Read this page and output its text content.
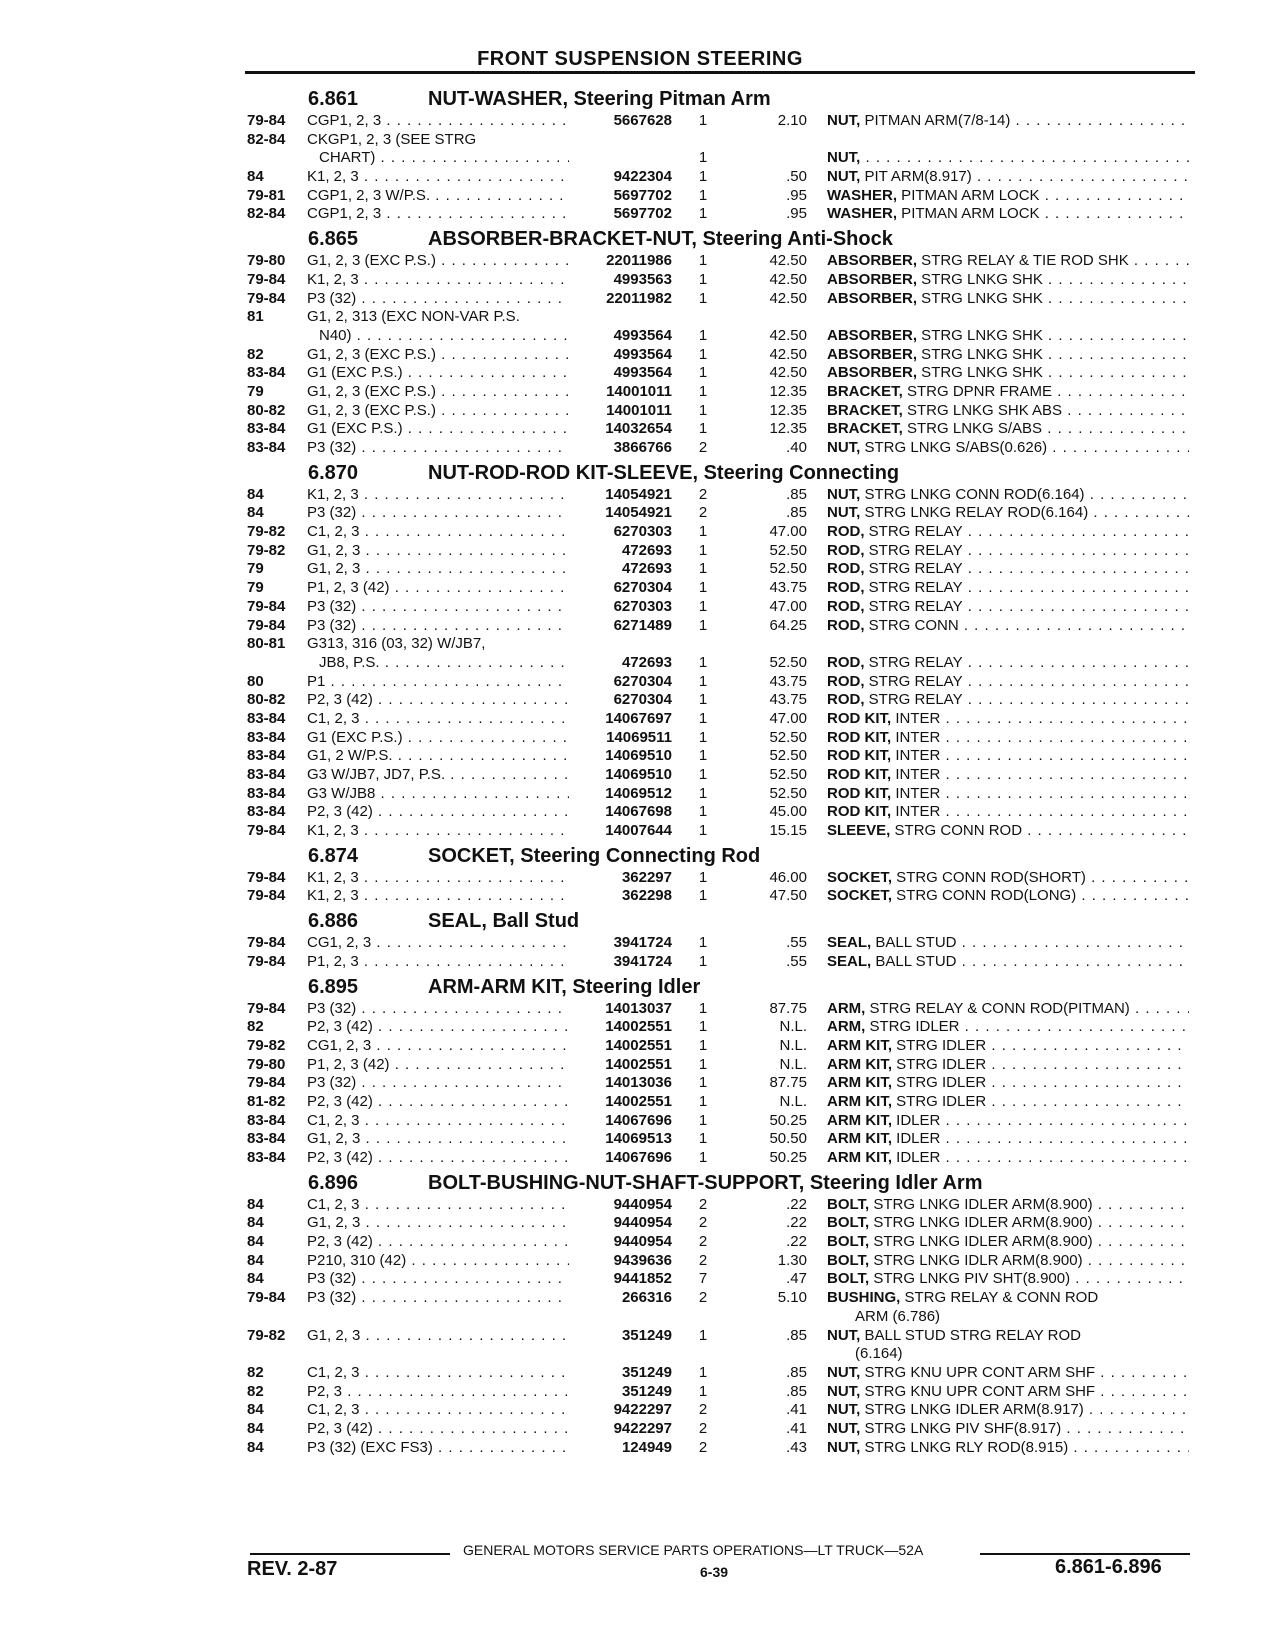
FRONT SUSPENSION STEERING
6.861	NUT-WASHER, Steering Pitman Arm
79-84 CGP1, 2, 3 . . .	5667628	1	2.10 NUT, PITMAN ARM(7/8-14) . . .
82-84 CKGP1, 2, 3 (SEE STRG
CHART) . . .	1	NUT, . . .
84	K1, 2, 3 . . .	9422304	1	.50 NUT, PIT ARM(8.917) . . .
79-81 CGP1, 2, 3 W/P.S. . . .	5697702	1	.95 WASHER, PITMAN ARM LOCK . . .
82-84 CGP1, 2, 3 . . .	5697702	1	.95 WASHER, PITMAN ARM LOCK . . .
6.865	ABSORBER-BRACKET-NUT, Steering Anti-Shock
79-80 G1, 2, 3 (EXC P.S.) . . .	22011986	1	42.50 ABSORBER, STRG RELAY & TIE ROD SHK . . .
79-84 K1, 2, 3 . . .	4993563	1	42.50 ABSORBER, STRG LNKG SHK . . .
79-84 P3 (32) . . .	22011982	1	42.50 ABSORBER, STRG LNKG SHK . . .
81	G1, 2, 313 (EXC NON-VAR P.S.
N40) . . .	4993564	1	42.50 ABSORBER, STRG LNKG SHK . . .
82	G1, 2, 3 (EXC P.S.) . . .	4993564	1	42.50 ABSORBER, STRG LNKG SHK . . .
83-84 G1 (EXC P.S.) . . .	4993564	1	42.50 ABSORBER, STRG LNKG SHK . . .
79	G1, 2, 3 (EXC P.S.) . . .	14001011	1	12.35 BRACKET, STRG DPNR FRAME . . .
80-82 G1, 2, 3 (EXC P.S.) . . .	14001011	1	12.35 BRACKET, STRG LNKG SHK ABS . . .
83-84 G1 (EXC P.S.) . . .	14032654	1	12.35 BRACKET, STRG LNKG S/ABS . . .
83-84 P3 (32) . . .	3866766	2	.40 NUT, STRG LNKG S/ABS(0.626) . . .
6.870	NUT-ROD-ROD KIT-SLEEVE, Steering Connecting
84	K1, 2, 3 . . .	14054921	2	.85 NUT, STRG LNKG CONN ROD(6.164) . . .
84	P3 (32) . . .	14054921	2	.85 NUT, STRG LNKG RELAY ROD(6.164) . . .
79-82 C1, 2, 3 . . .	6270303	1	47.00 ROD, STRG RELAY . . .
79-82 G1, 2, 3 . . .	472693	1	52.50 ROD, STRG RELAY . . .
79	G1, 2, 3 . . .	472693	1	52.50 ROD, STRG RELAY . . .
79	P1, 2, 3 (42) . . .	6270304	1	43.75 ROD, STRG RELAY . . .
79-84 P3 (32) . . .	6270303	1	47.00 ROD, STRG RELAY . . .
79-84 P3 (32) . . .	6271489	1	64.25 ROD, STRG CONN . . .
80-81 G313, 316 (03, 32) W/JB7,
JB8, P.S. . . .	472693	1	52.50 ROD, STRG RELAY . . .
80	P1 . . .	6270304	1	43.75 ROD, STRG RELAY . . .
80-82 P2, 3 (42) . . .	6270304	1	43.75 ROD, STRG RELAY . . .
83-84 C1, 2, 3 . . .	14067697	1	47.00 ROD KIT, INTER . . .
83-84 G1 (EXC P.S.) . . .	14069511	1	52.50 ROD KIT, INTER . . .
83-84 G1, 2 W/P.S. . . .	14069510	1	52.50 ROD KIT, INTER . . .
83-84 G3 W/JB7, JD7, P.S. . . .	14069510	1	52.50 ROD KIT, INTER . . .
83-84 G3 W/JB8 . . .	14069512	1	52.50 ROD KIT, INTER . . .
83-84 P2, 3 (42) . . .	14067698	1	45.00 ROD KIT, INTER . . .
79-84 K1, 2, 3 . . .	14007644	1	15.15 SLEEVE, STRG CONN ROD . . .
6.874	SOCKET, Steering Connecting Rod
79-84 K1, 2, 3 . . .	362297	1	46.00 SOCKET, STRG CONN ROD(SHORT) . . .
79-84 K1, 2, 3 . . .	362298	1	47.50 SOCKET, STRG CONN ROD(LONG) . . .
6.886	SEAL, Ball Stud
79-84 CG1, 2, 3 . . .	3941724	1	.55 SEAL, BALL STUD . . .
79-84 P1, 2, 3 . . .	3941724	1	.55 SEAL, BALL STUD . . .
6.895	ARM-ARM KIT, Steering Idler
79-84 P3 (32) . . .	14013037	1	87.75 ARM, STRG RELAY & CONN ROD(PITMAN) . . .
82	P2, 3 (42) . . .	14002551	1	N.L. ARM, STRG IDLER . . .
79-82 CG1, 2, 3 . . .	14002551	1	N.L. ARM KIT, STRG IDLER . . .
79-80 P1, 2, 3 (42) . . .	14002551	1	N.L. ARM KIT, STRG IDLER . . .
79-84 P3 (32) . . .	14013036	1	87.75 ARM KIT, STRG IDLER . . .
81-82 P2, 3 (42) . . .	14002551	1	N.L. ARM KIT, STRG IDLER . . .
83-84 C1, 2, 3 . . .	14067696	1	50.25 ARM KIT, IDLER . . .
83-84 G1, 2, 3 . . .	14069513	1	50.50 ARM KIT, IDLER . . .
83-84 P2, 3 (42) . . .	14067696	1	50.25 ARM KIT, IDLER . . .
6.896	BOLT-BUSHING-NUT-SHAFT-SUPPORT, Steering Idler Arm
84	C1, 2, 3 . . .	9440954	2	.22 BOLT, STRG LNKG IDLER ARM(8.900) . . .
84	G1, 2, 3 . . .	9440954	2	.22 BOLT, STRG LNKG IDLER ARM(8.900) . . .
84	P2, 3 (42) . . .	9440954	2	.22 BOLT, STRG LNKG IDLER ARM(8.900) . . .
84	P210, 310 (42) . . .	9439636	2	1.30 BOLT, STRG LNKG IDLR ARM(8.900) . . .
84	P3 (32) . . .	9441852	7	.47 BOLT, STRG LNKG PIV SHT(8.900) . . .
79-84 P3 (32) . . .	266316	2	5.10 BUSHING, STRG RELAY & CONN ROD
ARM (6.786)
79-82 G1, 2, 3 . . .	351249	1	.85 NUT, BALL STUD STRG RELAY ROD
(6.164)
82	C1, 2, 3 . . .	351249	1	.85 NUT, STRG KNU UPR CONT ARM SHF . . .
82	P2, 3 . . .	351249	1	.85 NUT, STRG KNU UPR CONT ARM SHF . . .
84	C1, 2, 3 . . .	9422297	2	.41 NUT, STRG LNKG IDLER ARM(8.917) . . .
84	P2, 3 (42) . . .	9422297	2	.41 NUT, STRG LNKG PIV SHF(8.917) . . .
84	P3 (32) (EXC FS3) . . .	124949	2	.43 NUT, STRG LNKG RLY ROD(8.915) . . .
GENERAL MOTORS SERVICE PARTS OPERATIONS—LT TRUCK—52A
6-39
REV. 2-87	6.861-6.896
